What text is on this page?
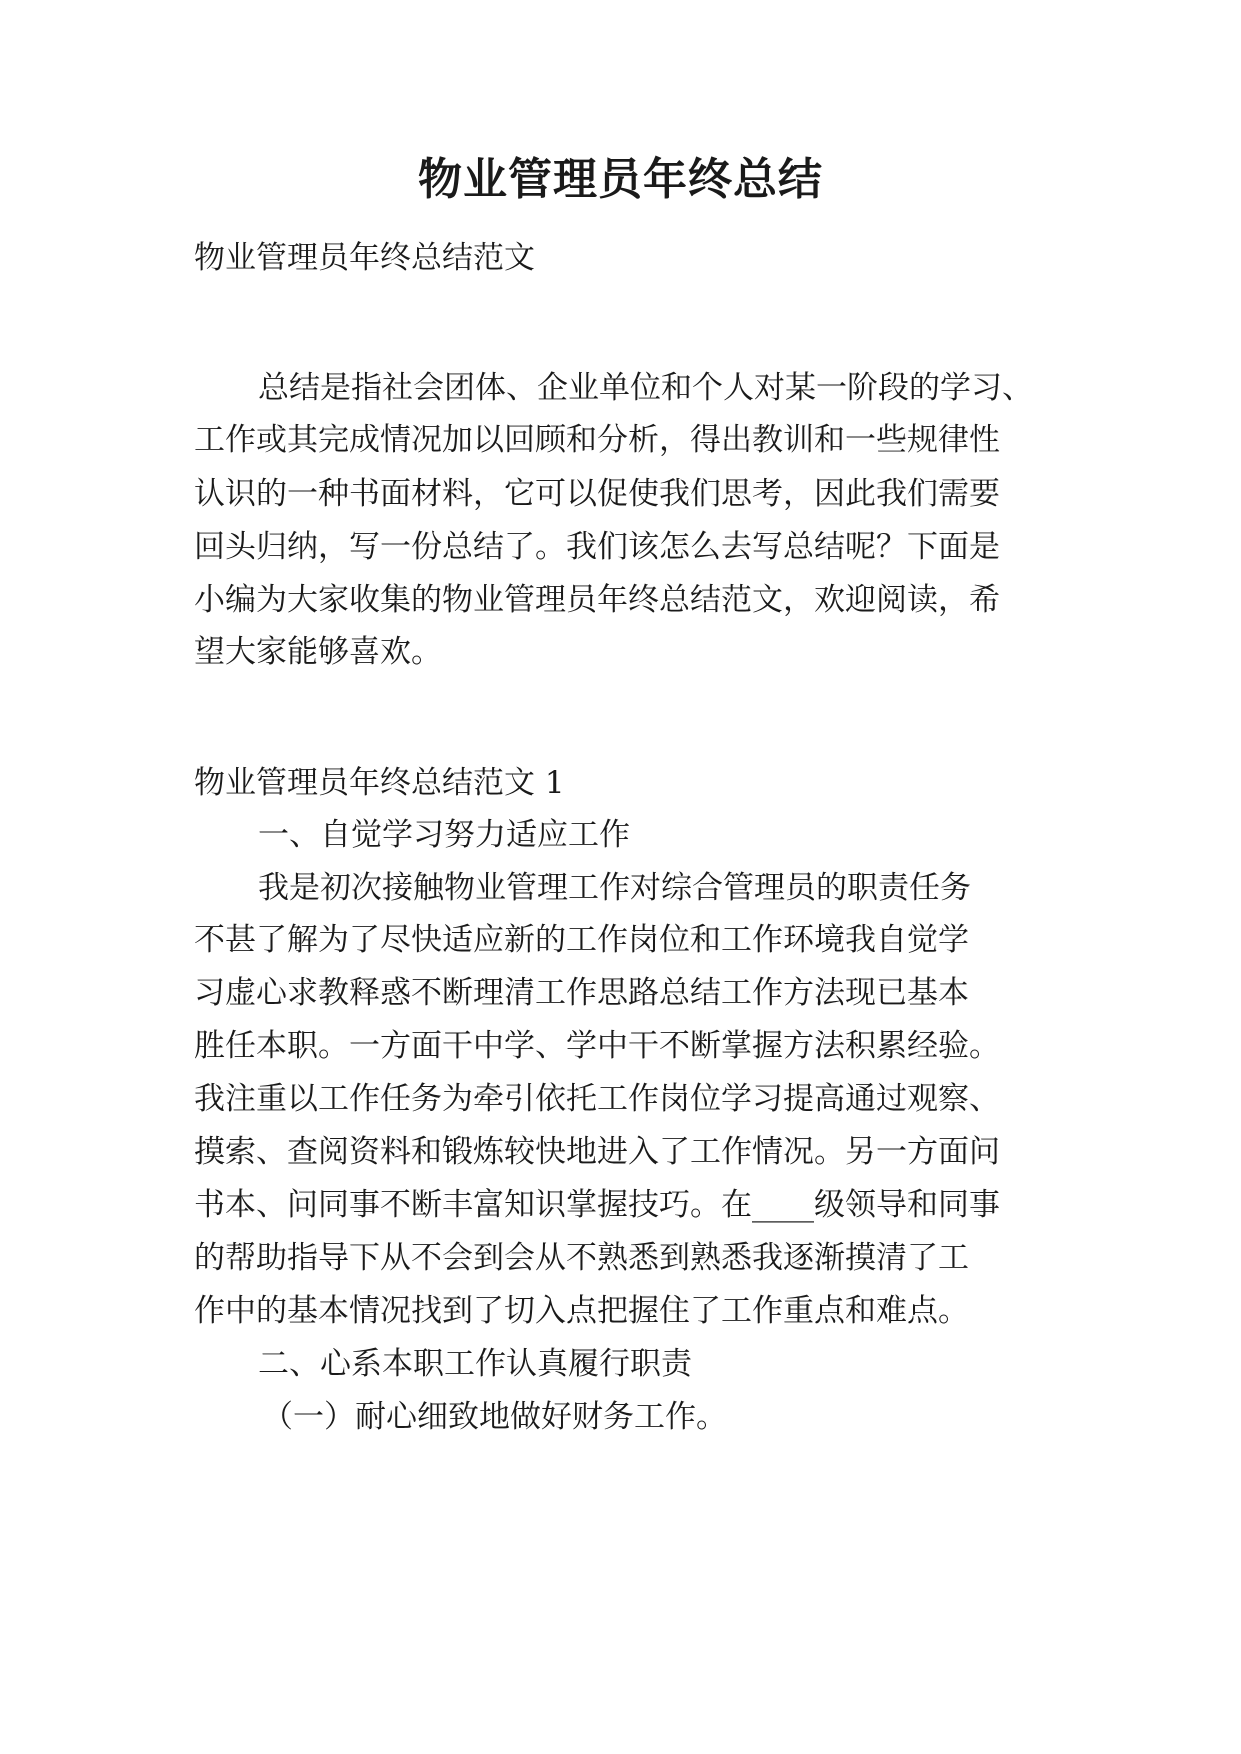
物业管理员年终总结
物业管理员年终总结范文
总结是指社会团体、企业单位和个人对某一阶段的学习、
工作或其完成情况加以回顾和分析，得出教训和一些规律性
认识的一种书面材料，它可以促使我们思考，因此我们需要
回头归纳，写一份总结了。我们该怎么去写总结呢？下面是
小编为大家收集的物业管理员年终总结范文，欢迎阅读，希
望大家能够喜欢。
物业管理员年终总结范文 1
一、自觉学习努力适应工作
我是初次接触物业管理工作对综合管理员的职责任务
不甚了解为了尽快适应新的工作岗位和工作环境我自觉学
习虚心求教释惑不断理清工作思路总结工作方法现已基本
胜任本职。一方面干中学、学中干不断掌握方法积累经验。
我注重以工作任务为牵引依托工作岗位学习提高通过观察、
摸索、查阅资料和锻炼较快地进入了工作情况。另一方面问
书本、问同事不断丰富知识掌握技巧。在____级领导和同事
的帮助指导下从不会到会从不熟悉到熟悉我逐渐摸清了工
作中的基本情况找到了切入点把握住了工作重点和难点。
二、心系本职工作认真履行职责
（一）耐心细致地做好财务工作。
